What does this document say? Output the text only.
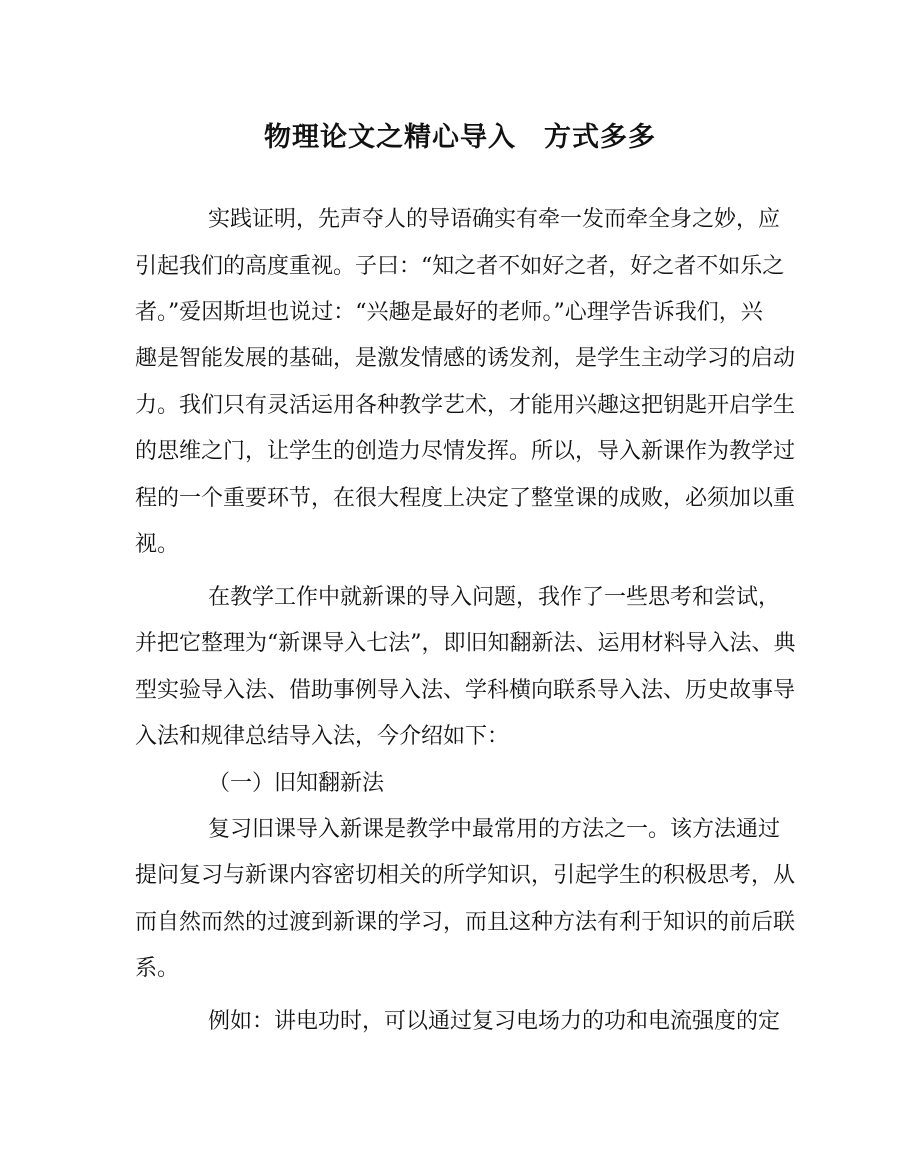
物理论文之精心导入　方式多多
实践证明，先声夺人的导语确实有牵一发而牵全身之妙，应
引起我们的高度重视。子曰：“知之者不如好之者，好之者不如乐之
者。”爱因斯坦也说过：“兴趣是最好的老师。”心理学告诉我们，兴
趣是智能发展的基础，是激发情感的诱发剂，是学生主动学习的启动
力。我们只有灵活运用各种教学艺术，才能用兴趣这把钥匙开启学生
的思维之门，让学生的创造力尽情发挥。所以，导入新课作为教学过
程的一个重要环节，在很大程度上决定了整堂课的成败，必须加以重
视。
在教学工作中就新课的导入问题，我作了一些思考和尝试，
并把它整理为“新课导入七法”，即旧知翻新法、运用材料导入法、典
型实验导入法、借助事例导入法、学科横向联系导入法、历史故事导
入法和规律总结导入法，今介绍如下：
（一）旧知翻新法
复习旧课导入新课是教学中最常用的方法之一。该方法通过
提问复习与新课内容密切相关的所学知识，引起学生的积极思考，从
而自然而然的过渡到新课的学习，而且这种方法有利于知识的前后联
系。
例如：讲电功时，可以通过复习电场力的功和电流强度的定
